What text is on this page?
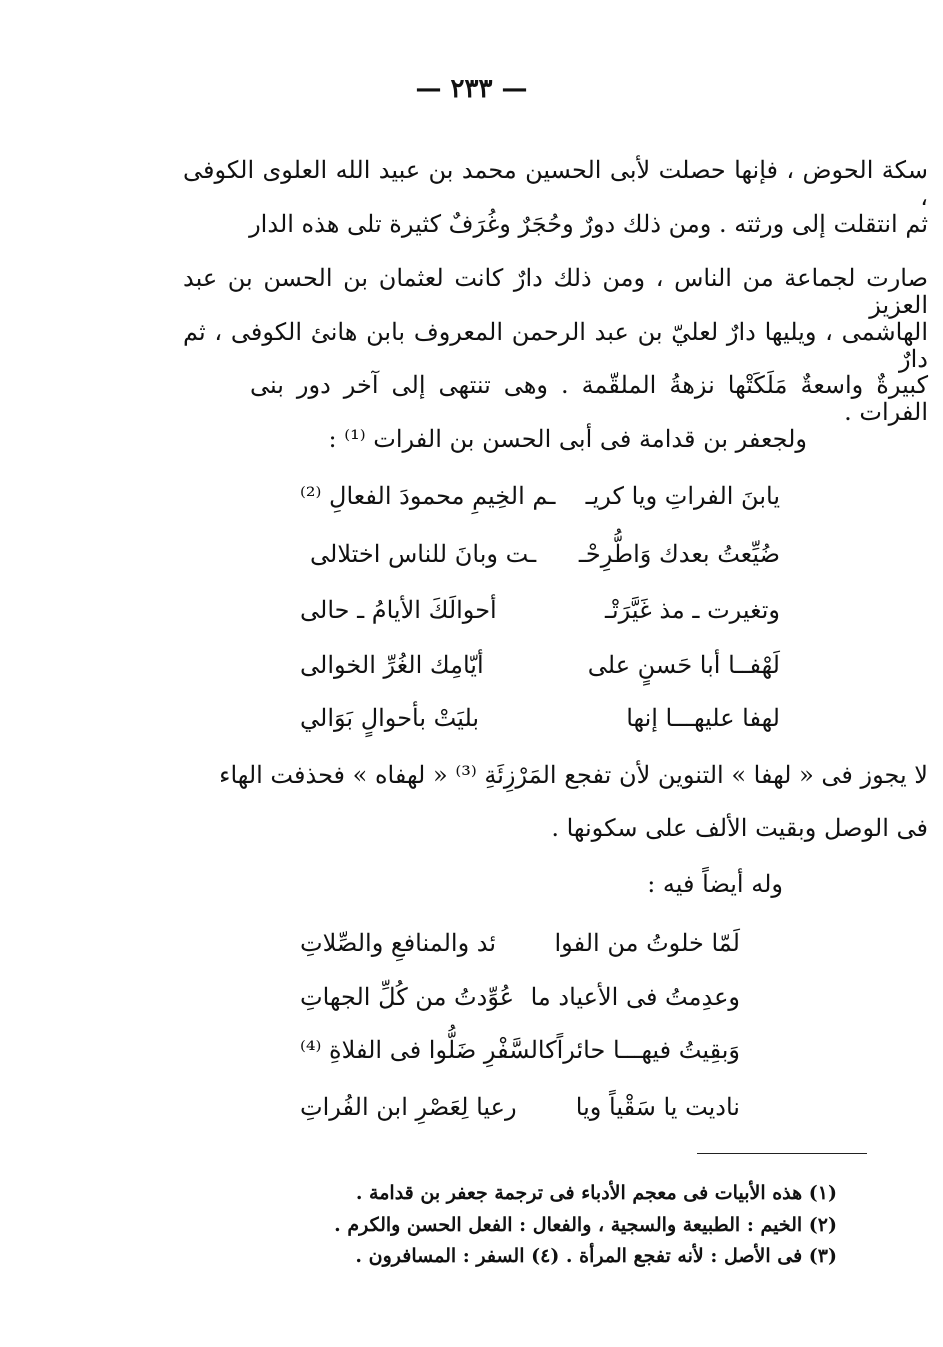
— ٢٣٣ —
سكة الحوض ، فإنها حصلت لأبى الحسين محمد بن عبيد الله العلوى الكوفى ،
ثم انتقلت إلى ورثته . ومن ذلك دورٌ وحُجَرٌ وغُرَفٌ كثيرة تلى هذه الدار
صارت لجماعة من الناس ، ومن ذلك دارٌ كانت لعثمان بن الحسن بن عبد العزيز
الهاشمى ، ويليها دارٌ لعليّ بن عبد الرحمن المعروف بابن هانئ الكوفى ، ثم دارٌ
كبيرةٌ واسعةٌ مَلَكَتْها نزهةُ الملقّمة . وهى تنتهى إلى آخر دور بنى الفرات .
ولجعفر بن قدامة فى أبى الحسن بن الفرات ⁽¹⁾ :
يابنَ الفراتِ ويا كريـ
ـم الخِيمِ محمودَ الفعالِ ⁽²⁾
ضُيِّعتُ بعدك وَاطُّرِحْـ
ـت وبانَ للناس اختلالى
وتغيرت ـ مذ غَيَّرَتْـ
أحوالَكَ الأيامُ ـ حالى
لَهْفــا أبا حَسنٍ على
أيّامِك الغُرِّ الخوالى
لهفا عليهـــا إنها
بليَتْ بأحوالٍ بَوَالي
لا يجوز فى « لهفا » التنوين لأن تفجع المَرْزِئَةِ ⁽³⁾ « لهفاه » فحذفت الهاء
فى الوصل وبقيت الألف على سكونها .
وله أيضاً فيه :
لَمّا خلوتُ من الفوا
ئد والمنافعِ والصِّلاتِ
وعدِمتُ فى الأعياد ما
عُوِّدتُ من كُلِّ الجهاتِ
وَبقِيتُ فيهـــا حائراً
كالسَّفْرِ ضَلُّوا فى الفلاةِ ⁽⁴⁾
ناديت يا سَقْياً ويا
رعيا لِعَصْرِ ابن الفُراتِ
(١) هذه الأبيات فى معجم الأدباء فى ترجمة جعفر بن قدامة .
(٢) الخيم : الطبيعة والسجية ، والفعال : الفعل الحسن والكرم .
(٣) فى الأصل : لأنه تفجع المرأة . (٤) السفر : المسافرون .
